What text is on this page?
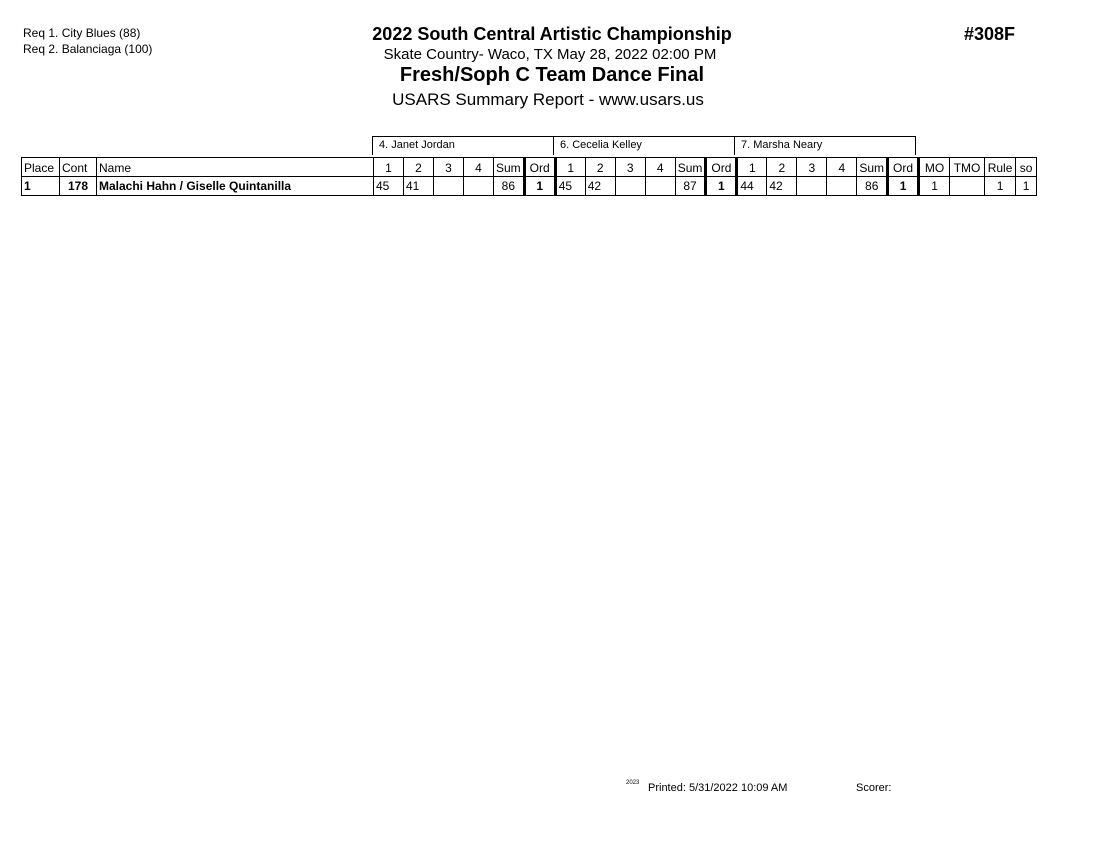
Req 1. City Blues (88)
Req 2. Balanciaga (100)
2022 South Central Artistic Championship
Skate Country- Waco, TX May 28, 2022 02:00 PM
Fresh/Soph C Team Dance Final
USARS Summary Report - www.usars.us
#308F
4. Janet Jordan	6. Cecelia Kelley	7. Marsha Neary
Place	Cont	Name	1	2	3	4	Sum	Ord	1	2	3	4	Sum	Ord	1	2	3	4	Sum	Ord	MO	TMO	Rule	so
1	178	Malachi Hahn / Giselle Quintanilla	45	41			86	1	45	42			87	1	44	42			86	1	1		1	1
2023 Printed: 5/31/2022 10:09 AM	Scorer:
